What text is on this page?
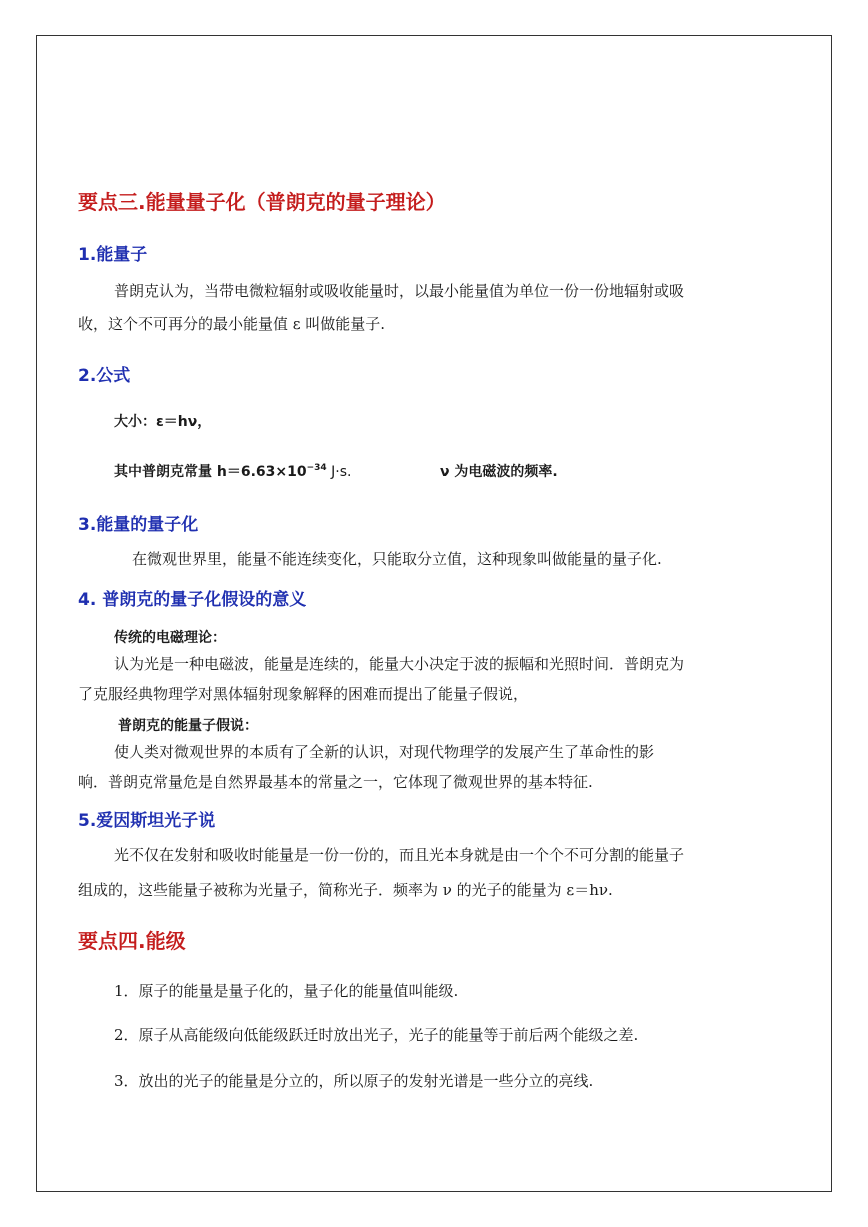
要点三.能量量子化（普朗克的量子理论）
1.能量子
普朗克认为，当带电微粒辐射或吸收能量时，以最小能量值为单位一份一份地辐射或吸
收，这个不可再分的最小能量值 ε 叫做能量子.
2.公式
大小：ε＝hν，
其中普朗克常量 $h=6.63\times 10^{-34}$ J·s.	ν 为电磁波的频率.
3.能量的量子化
在微观世界里，能量不能连续变化，只能取分立值，这种现象叫做能量的量子化.
4. 普朗克的量子化假设的意义
传统的电磁理论：
认为光是一种电磁波，能量是连续的，能量大小决定于波的振幅和光照时间．普朗克为
了克服经典物理学对黑体辐射现象解释的困难而提出了能量子假说，
普朗克的能量子假说：
使人类对微观世界的本质有了全新的认识，对现代物理学的发展产生了革命性的影
响．普朗克常量危是自然界最基本的常量之一，它体现了微观世界的基本特征.
5.爱因斯坦光子说
光不仅在发射和吸收时能量是一份一份的，而且光本身就是由一个个不可分割的能量子
组成的，这些能量子被称为光量子，简称光子．频率为 ν 的光子的能量为 ε＝hν.
要点四.能级
1．原子的能量是量子化的，量子化的能量值叫能级.
2．原子从高能级向低能级跃迁时放出光子，光子的能量等于前后两个能级之差.
3．放出的光子的能量是分立的，所以原子的发射光谱是一些分立的亮线.
